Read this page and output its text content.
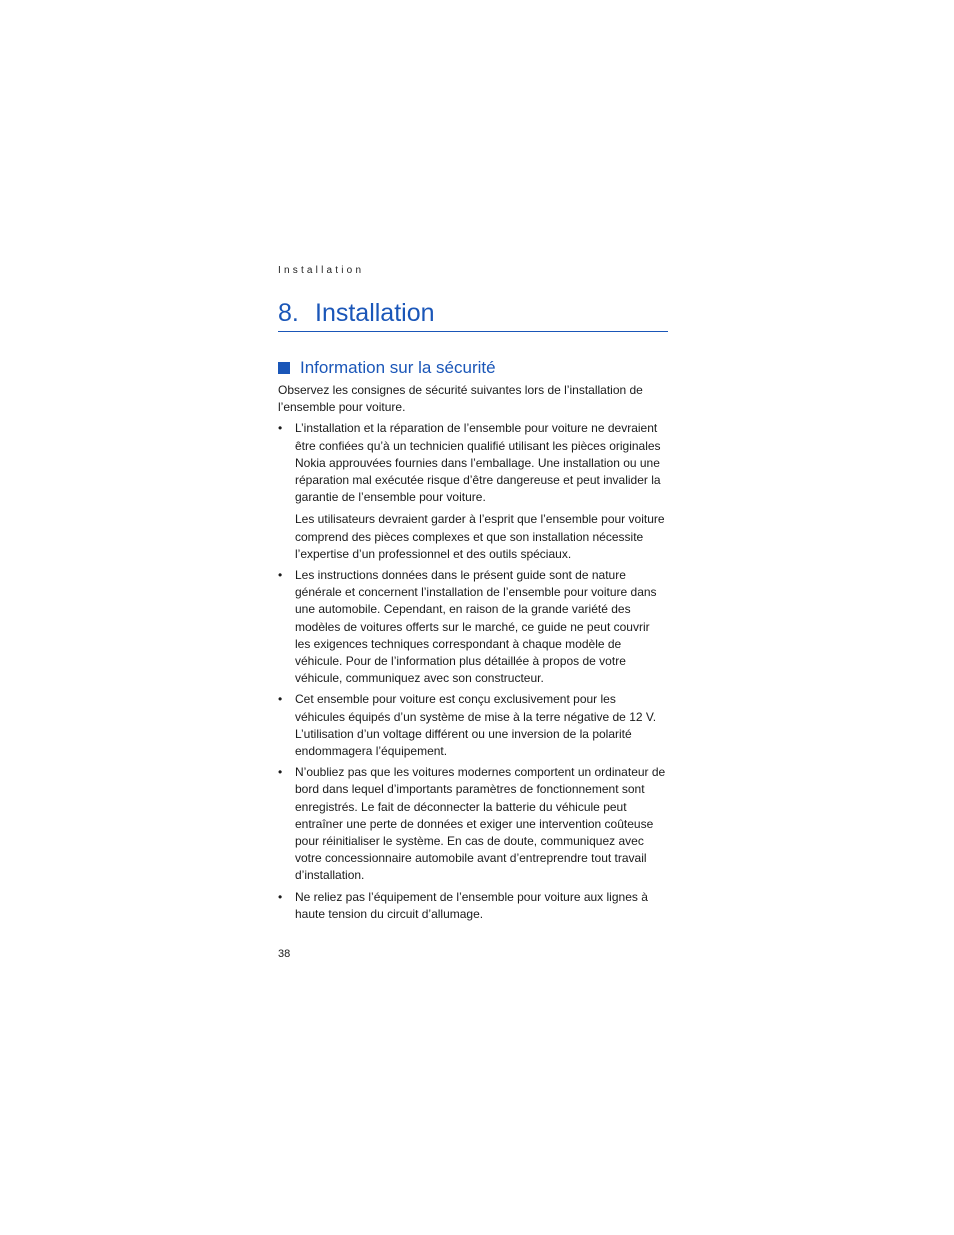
Installation

8. Installation
Information sur la sécurité

Observez les consignes de sécurité suivantes lors de l’installation de l’ensemble pour voiture.

• L’installation et la réparation de l’ensemble pour voiture ne devraient être confiées qu’à un technicien qualifié utilisant les pièces originales Nokia approuvées fournies dans l’emballage. Une installation ou une réparation mal exécutée risque d’être dangereuse et peut invalider la garantie de l’ensemble pour voiture.

Les utilisateurs devraient garder à l’esprit que l’ensemble pour voiture comprend des pièces complexes et que son installation nécessite l’expertise d’un professionnel et des outils spéciaux.

• Les instructions données dans le présent guide sont de nature générale et concernent l’installation de l’ensemble pour voiture dans une automobile. Cependant, en raison de la grande variété des modèles de voitures offerts sur le marché, ce guide ne peut couvrir les exigences techniques correspondant à chaque modèle de véhicule. Pour de l’information plus détaillée à propos de votre véhicule, communiquez avec son constructeur.

• Cet ensemble pour voiture est conçu exclusivement pour les véhicules équipés d’un système de mise à la terre négative de 12 V. L’utilisation d’un voltage différent ou une inversion de la polarité endommagera l’équipement.

• N’oubliez pas que les voitures modernes comportent un ordinateur de bord dans lequel d’importants paramètres de fonctionnement sont enregistrés. Le fait de déconnecter la batterie du véhicule peut entraîner une perte de données et exiger une intervention coûteuse pour réinitialiser le système. En cas de doute, communiquez avec votre concessionnaire automobile avant d’entreprendre tout travail d’installation.

• Ne reliez pas l’équipement de l’ensemble pour voiture aux lignes à haute tension du circuit d’allumage.

38
